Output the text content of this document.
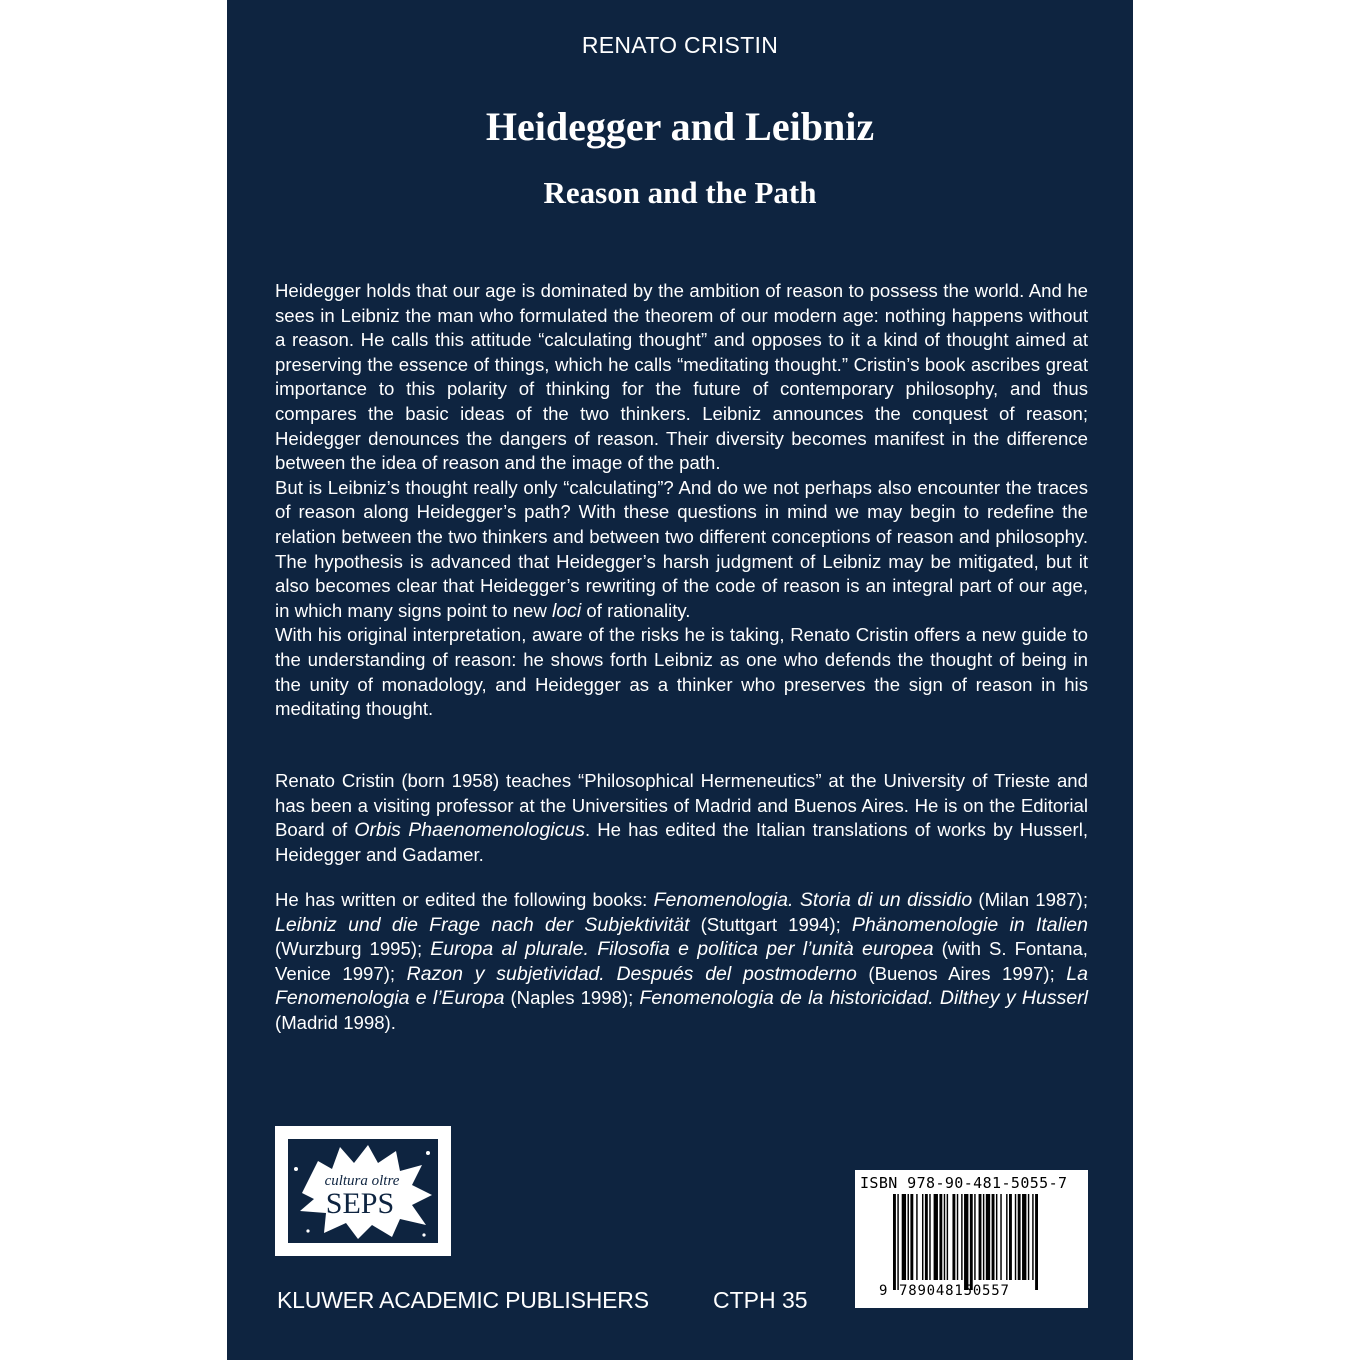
RENATO CRISTIN
Heidegger and Leibniz
Reason and the Path

Heidegger holds that our age is dominated by the ambition of reason to possess the world. And he sees in Leibniz the man who formulated the theorem of our modern age: nothing happens without a reason. He calls this attitude “calculating thought” and opposes to it a kind of thought aimed at preserving the essence of things, which he calls “meditating thought.” Cristin’s book ascribes great importance to this polarity of thinking for the future of contemporary philosophy, and thus compares the basic ideas of the two thinkers. Leibniz announces the conquest of reason; Heidegger denounces the dangers of reason. Their diversity becomes manifest in the difference between the idea of reason and the image of the path.

But is Leibniz’s thought really only “calculating”? And do we not perhaps also encounter the traces of reason along Heidegger’s path? With these questions in mind we may begin to redefine the relation between the two thinkers and between two different conceptions of reason and philosophy. The hypothesis is advanced that Heidegger’s harsh judgment of Leibniz may be mitigated, but it also becomes clear that Heidegger’s rewriting of the code of reason is an integral part of our age, in which many signs point to new loci of rationality.

With his original interpretation, aware of the risks he is taking, Renato Cristin offers a new guide to the understanding of reason: he shows forth Leibniz as one who defends the thought of being in the unity of monadology, and Heidegger as a thinker who preserves the sign of reason in his meditating thought.

Renato Cristin (born 1958) teaches “Philosophical Hermeneutics” at the University of Trieste and has been a visiting professor at the Universities of Madrid and Buenos Aires. He is on the Editorial Board of Orbis Phaenomenologicus. He has edited the Italian translations of works by Husserl, Heidegger and Gadamer.

He has written or edited the following books: Fenomenologia. Storia di un dissidio (Milan 1987); Leibniz und die Frage nach der Subjektivität (Stuttgart 1994); Phänomenologie in Italien (Wurzburg 1995); Europa al plurale. Filosofia e politica per l’unità europea (with S. Fontana, Venice 1997); Razon y subjetividad. Después del postmoderno (Buenos Aires 1997); La Fenomenologia e l’Europa (Naples 1998); Fenomenologia de la historicidad. Dilthey y Husserl (Madrid 1998).

cultura oltre
SEPS
KLUWER ACADEMIC PUBLISHERS	CTPH 35
ISBN 978-90-481-5055-7
9 789048150557
